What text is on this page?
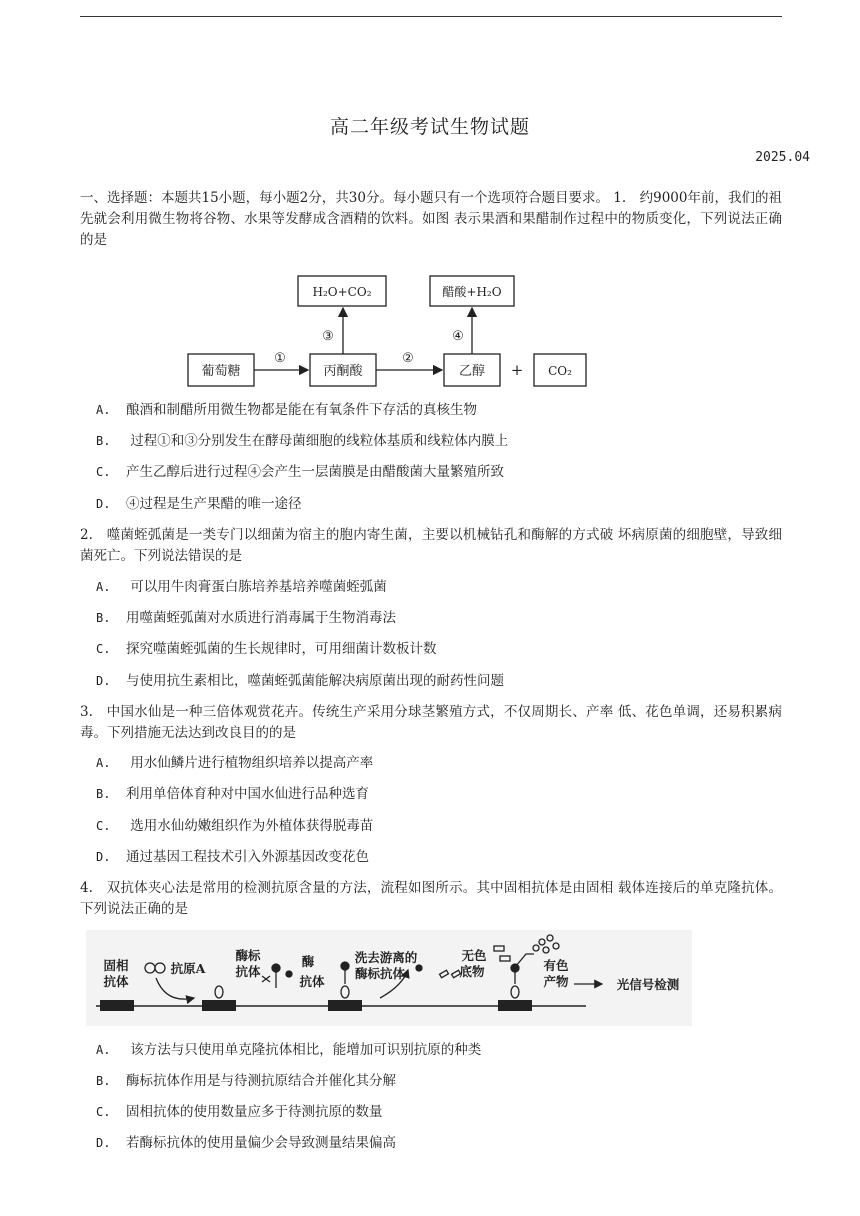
高二年级考试生物试题
2025.04
一、选择题：本题共15小题，每小题2分，共30分。每小题只有一个选项符合题目要求。 1.　约9000年前，我们的祖先就会利用微生物将谷物、水果等发酵成含酒精的饮料。如图 表示果酒和果醋制作过程中的物质变化，下列说法正确的是
葡萄糖	丙酮酸	乙醇	CO₂
H₂O+CO₂	醋酸+H₂O
①	②
③	④
+
A. 酿酒和制醋所用微生物都是能在有氧条件下存活的真核生物
B. 过程①和③分别发生在酵母菌细胞的线粒体基质和线粒体内膜上
C. 产生乙醇后进行过程④会产生一层菌膜是由醋酸菌大量繁殖所致
D. ④过程是生产果醋的唯一途径
2.　噬菌蛭弧菌是一类专门以细菌为宿主的胞内寄生菌，主要以机械钻孔和酶解的方式破 坏病原菌的细胞壁，导致细菌死亡。下列说法错误的是
A. 可以用牛肉膏蛋白胨培养基培养噬菌蛭弧菌
B. 用噬菌蛭弧菌对水质进行消毒属于生物消毒法
C. 探究噬菌蛭弧菌的生长规律时，可用细菌计数板计数
D. 与使用抗生素相比，噬菌蛭弧菌能解决病原菌出现的耐药性问题
3.　中国水仙是一种三倍体观赏花卉。传统生产采用分球茎繁殖方式，不仅周期长、产率 低、花色单调，还易积累病毒。下列措施无法达到改良目的的是
A. 用水仙鳞片进行植物组织培养以提高产率
B. 利用单倍体育种对中国水仙进行品种选育
C. 选用水仙幼嫩组织作为外植体获得脱毒苗
D. 通过基因工程技术引入外源基因改变花色
4.　双抗体夹心法是常用的检测抗原含量的方法，流程如图所示。其中固相抗体是由固相 载体连接后的单克隆抗体。下列说法正确的是
固相
抗体
抗原A
酶标
抗体
酶
抗体
洗去游离的
酶标抗体
无色
底物	有色
产物	光信号检测
A. 该方法与只使用单克隆抗体相比，能增加可识别抗原的种类
B. 酶标抗体作用是与待测抗原结合并催化其分解
C. 固相抗体的使用数量应多于待测抗原的数量
D. 若酶标抗体的使用量偏少会导致测量结果偏高
